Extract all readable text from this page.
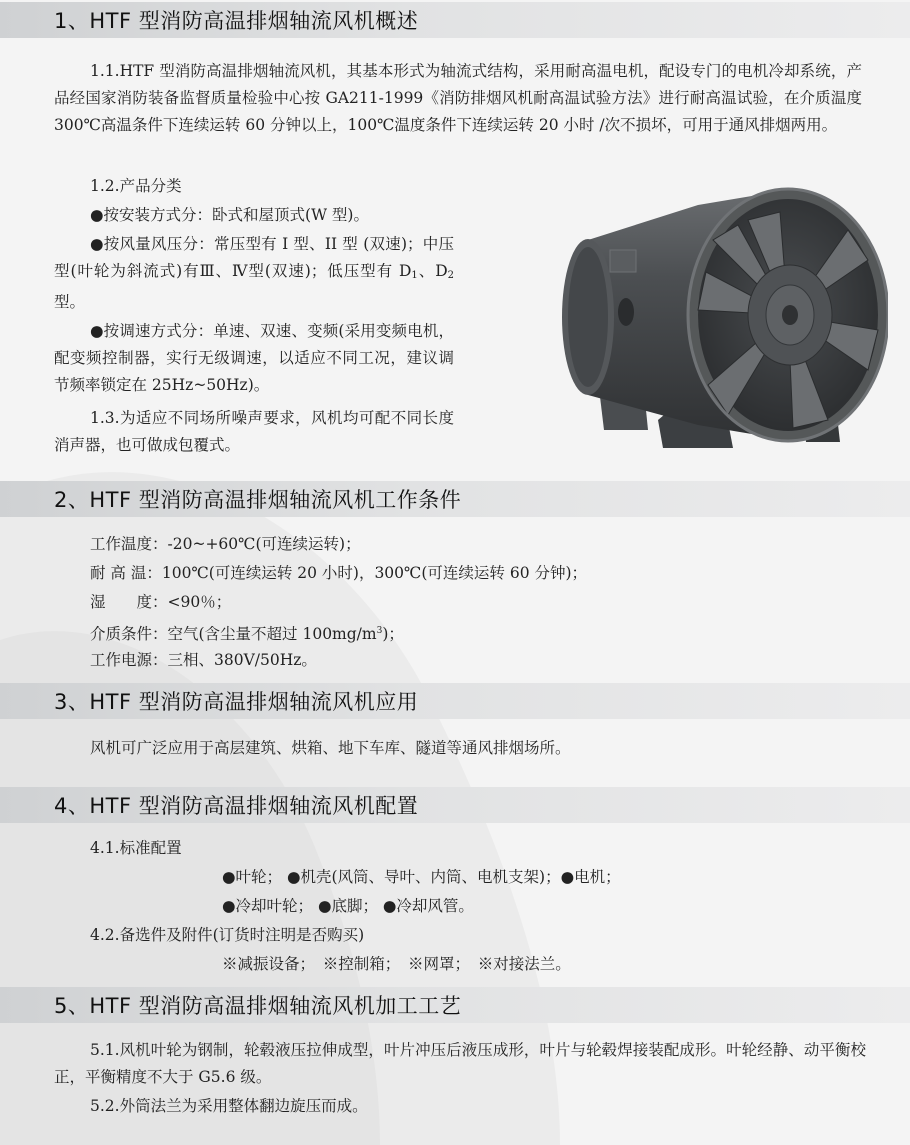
1、HTF 型消防高温排烟轴流风机概述

1.1.HTF 型消防高温排烟轴流风机，其基本形式为轴流式结构，采用耐高温电机，配设专门的电机冷却系统，产品经国家消防装备监督质量检验中心按 GA211-1999《消防排烟风机耐高温试验方法》进行耐高温试验，在介质温度 300℃高温条件下连续运转 60 分钟以上，100℃温度条件下连续运转 20 小时 /次不损坏，可用于通风排烟两用。

1.2.产品分类

●按安装方式分：卧式和屋顶式(W 型)。

●按风量风压分：常压型有 I 型、II 型 (双速)；中压型(叶轮为斜流式)有Ⅲ、Ⅳ型(双速)；低压型有 $D_1$、$D_2$ 型。

●按调速方式分：单速、双速、变频(采用变频电机，配变频控制器，实行无级调速，以适应不同工况，建议调节频率锁定在 25Hz~50Hz)。

1.3.为适应不同场所噪声要求，风机均可配不同长度消声器，也可做成包覆式。

2、HTF 型消防高温排烟轴流风机工作条件

工作温度：-20~+60℃(可连续运转)；

耐 高 温：100℃(可连续运转 20 小时)，300℃(可连续运转 60 分钟)；

湿　　度：<90％；

介质条件：空气(含尘量不超过 $100mg/m^3$)；

工作电源：三相、380V/50Hz。

3、HTF 型消防高温排烟轴流风机应用

风机可广泛应用于高层建筑、烘箱、地下车库、隧道等通风排烟场所。

4、HTF 型消防高温排烟轴流风机配置

4.1.标准配置

●叶轮； ●机壳(风筒、导叶、内筒、电机支架)；●电机；

●冷却叶轮； ●底脚； ●冷却风管。

4.2.备选件及附件(订货时注明是否购买)

※减振设备；　※控制箱；　※网罩；　※对接法兰。

5、HTF 型消防高温排烟轴流风机加工工艺

5.1.风机叶轮为钢制，轮毂液压拉伸成型，叶片冲压后液压成形，叶片与轮毂焊接装配成形。叶轮经静、动平衡校正，平衡精度不大于 G5.6 级。

5.2.外筒法兰为采用整体翻边旋压而成。
